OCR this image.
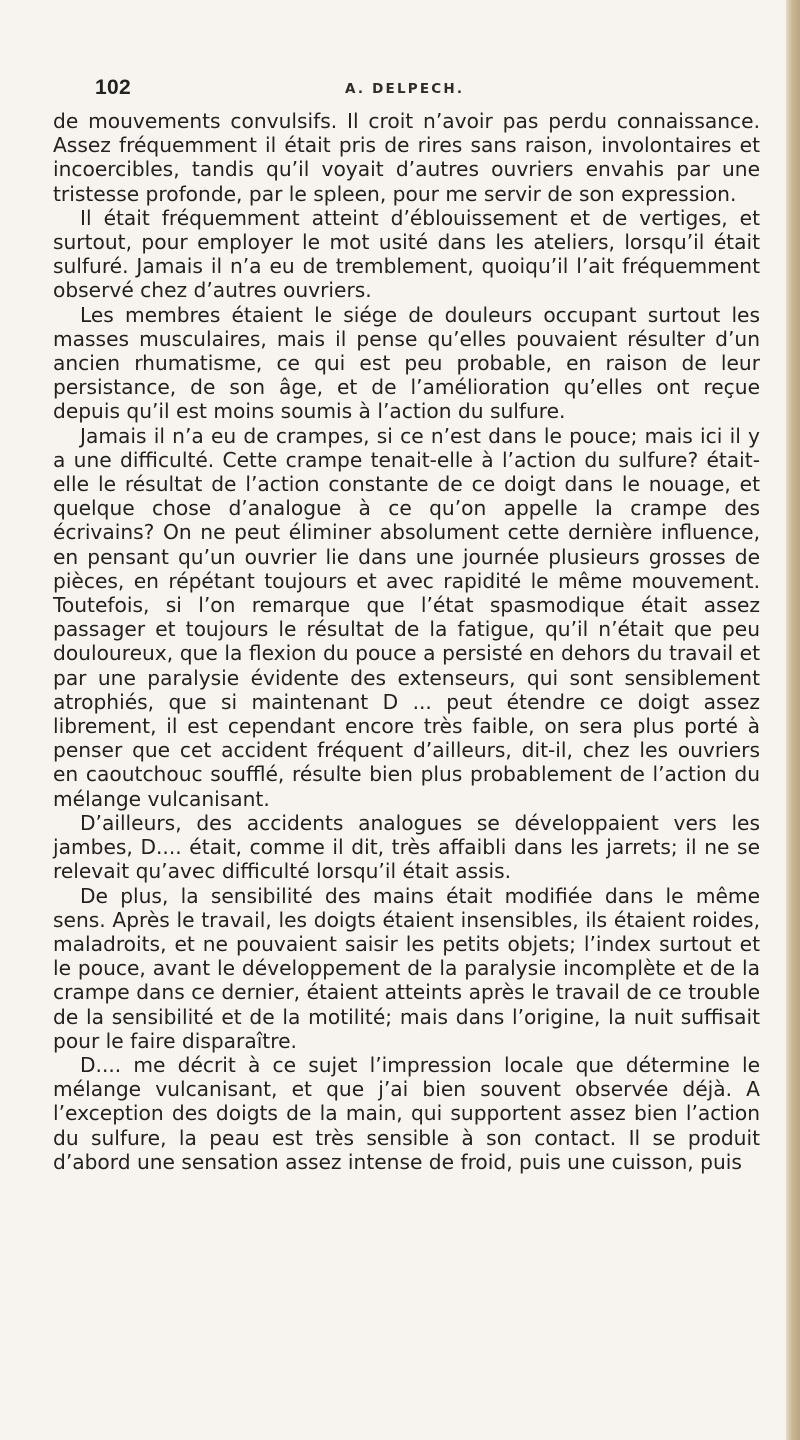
102	A. DELPECH.

de mouvements convulsifs. Il croit n’avoir pas perdu connaissance. Assez fréquemment il était pris de rires sans raison, involontaires et incoercibles, tandis qu’il voyait d’autres ouvriers envahis par une tristesse profonde, par le spleen, pour me servir de son expression.

Il était fréquemment atteint d’éblouissement et de vertiges, et surtout, pour employer le mot usité dans les ateliers, lorsqu’il était sulfuré. Jamais il n’a eu de tremblement, quoiqu’il l’ait fréquemment observé chez d’autres ouvriers.

Les membres étaient le siége de douleurs occupant surtout les masses musculaires, mais il pense qu’elles pouvaient résulter d’un ancien rhumatisme, ce qui est peu probable, en raison de leur persistance, de son âge, et de l’amélioration qu’elles ont reçue depuis qu’il est moins soumis à l’action du sulfure.

Jamais il n’a eu de crampes, si ce n’est dans le pouce; mais ici il y a une difficulté. Cette crampe tenait-elle à l’action du sulfure? était-elle le résultat de l’action constante de ce doigt dans le nouage, et quelque chose d’analogue à ce qu’on appelle la crampe des écrivains? On ne peut éliminer absolument cette dernière influence, en pensant qu’un ouvrier lie dans une journée plusieurs grosses de pièces, en répétant toujours et avec rapidité le même mouvement. Toutefois, si l’on remarque que l’état spasmodique était assez passager et toujours le résultat de la fatigue, qu’il n’était que peu douloureux, que la flexion du pouce a persisté en dehors du travail et par une paralysie évidente des extenseurs, qui sont sensiblement atrophiés, que si maintenant D ... peut étendre ce doigt assez librement, il est cependant encore très faible, on sera plus porté à penser que cet accident fréquent d’ailleurs, dit-il, chez les ouvriers en caoutchouc soufflé, résulte bien plus probablement de l’action du mélange vulcanisant.

D’ailleurs, des accidents analogues se développaient vers les jambes, D.... était, comme il dit, très affaibli dans les jarrets; il ne se relevait qu’avec difficulté lorsqu’il était assis.

De plus, la sensibilité des mains était modifiée dans le même sens. Après le travail, les doigts étaient insensibles, ils étaient roides, maladroits, et ne pouvaient saisir les petits objets; l’index surtout et le pouce, avant le développement de la paralysie incomplète et de la crampe dans ce dernier, étaient atteints après le travail de ce trouble de la sensibilité et de la motilité; mais dans l’origine, la nuit suffisait pour le faire disparaître.

D.... me décrit à ce sujet l’impression locale que détermine le mélange vulcanisant, et que j’ai bien souvent observée déjà. A l’exception des doigts de la main, qui supportent assez bien l’action du sulfure, la peau est très sensible à son contact. Il se produit d’abord une sensation assez intense de froid, puis une cuisson, puis
